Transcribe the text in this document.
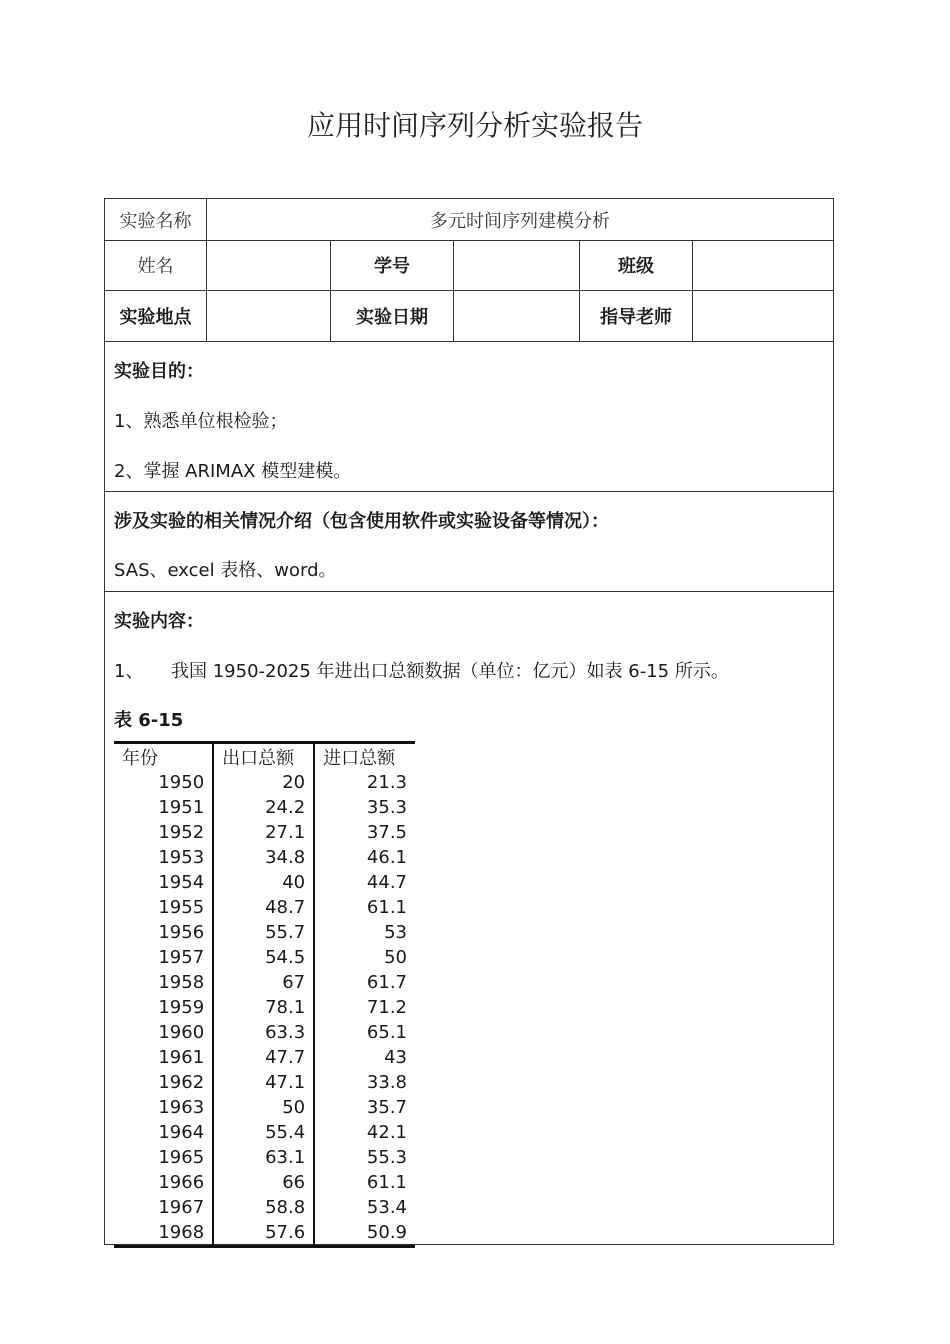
应用时间序列分析实验报告
实验名称	多元时间序列建模分析
姓名	学号	班级
实验地点	实验日期	指导老师
实验目的：
1、熟悉单位根检验；
2、掌握 ARIMAX 模型建模。
涉及实验的相关情况介绍（包含使用软件或实验设备等情况）：
SAS、excel 表格、word。
实验内容：
1、 我国 1950-2025 年进出口总额数据（单位：亿元）如表 6-15 所示。
表 6-15
年份	出口总额	进口总额
1950	20	21.3
1951	24.2	35.3
1952	27.1	37.5
1953	34.8	46.1
1954	40	44.7
1955	48.7	61.1
1956	55.7	53
1957	54.5	50
1958	67	61.7
1959	78.1	71.2
1960	63.3	65.1
1961	47.7	43
1962	47.1	33.8
1963	50	35.7
1964	55.4	42.1
1965	63.1	55.3
1966	66	61.1
1967	58.8	53.4
1968	57.6	50.9
